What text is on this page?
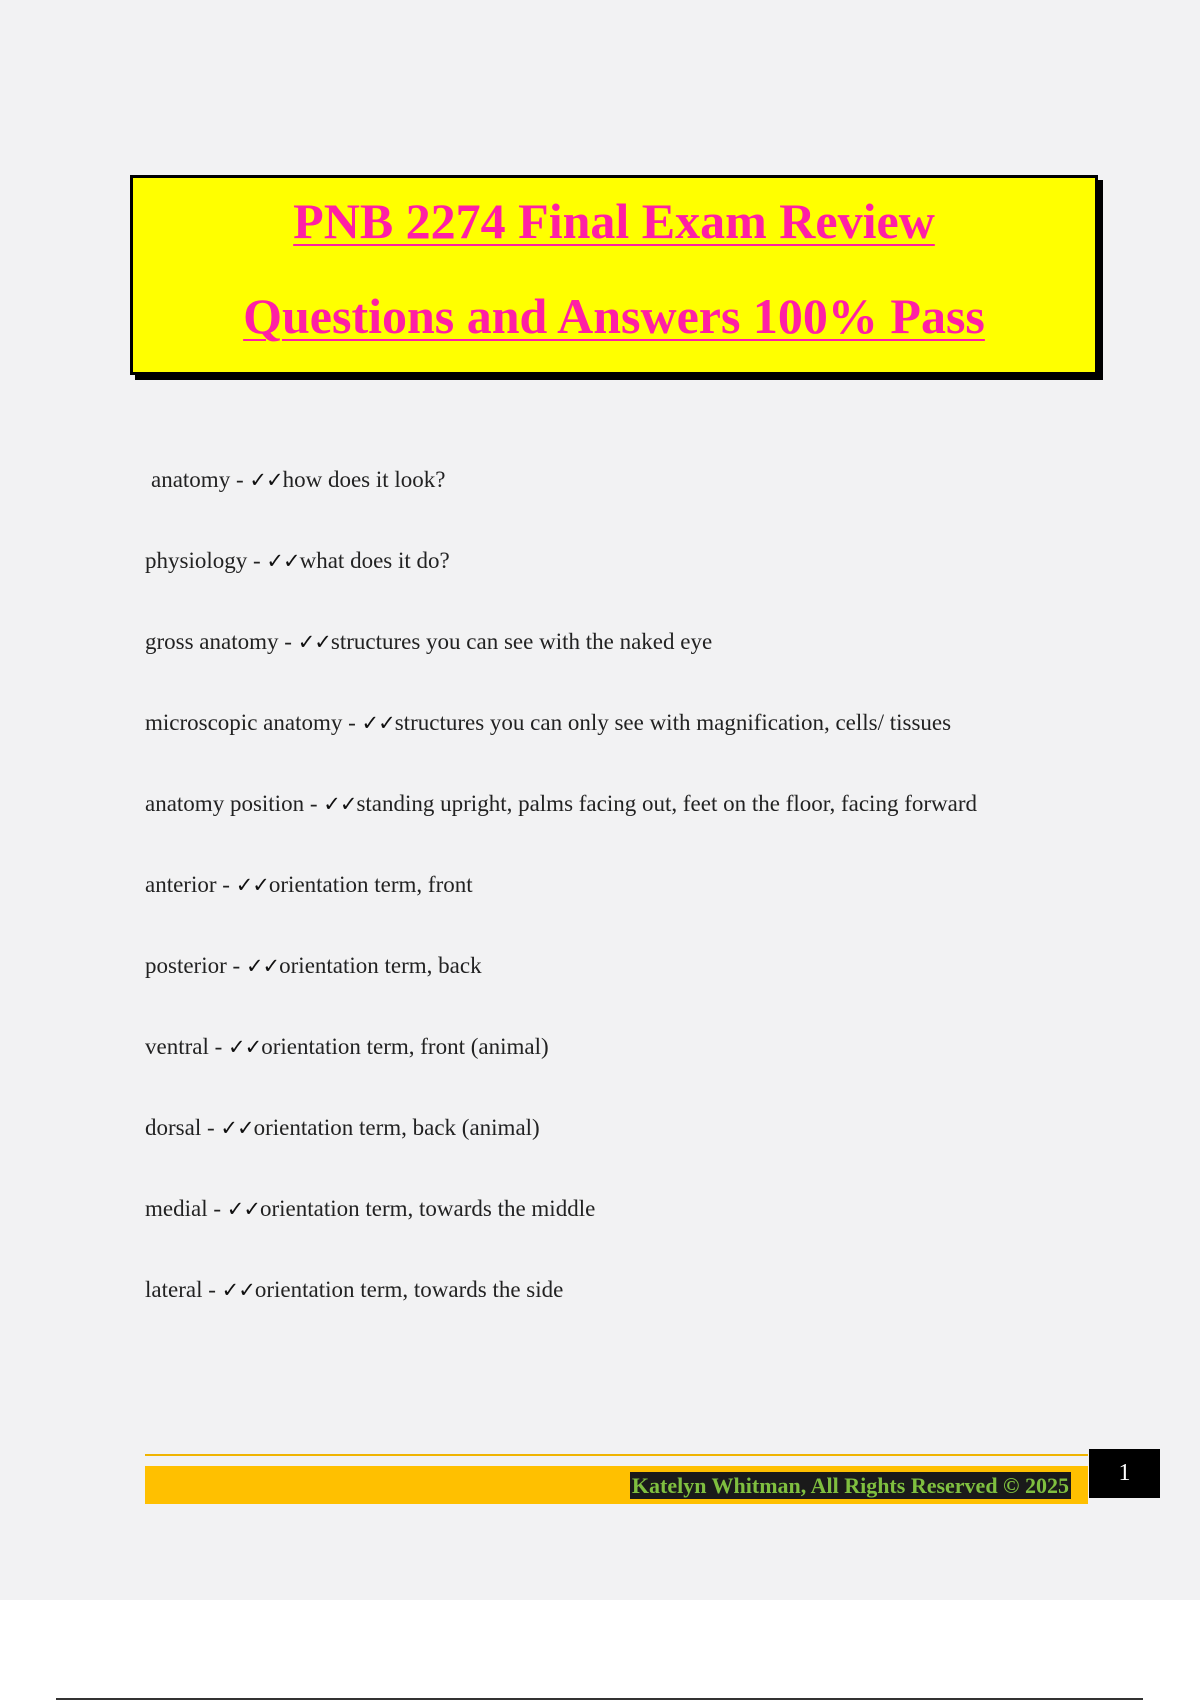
PNB 2274 Final Exam Review
Questions and Answers 100% Pass
anatomy - ✓✓how does it look?
physiology - ✓✓what does it do?
gross anatomy - ✓✓structures you can see with the naked eye
microscopic anatomy - ✓✓structures you can only see with magnification, cells/ tissues
anatomy position - ✓✓standing upright, palms facing out, feet on the floor, facing forward
anterior - ✓✓orientation term, front
posterior - ✓✓orientation term, back
ventral - ✓✓orientation term, front (animal)
dorsal - ✓✓orientation term, back (animal)
medial - ✓✓orientation term, towards the middle
lateral - ✓✓orientation term, towards the side
Katelyn Whitman, All Rights Reserved © 2025	1
